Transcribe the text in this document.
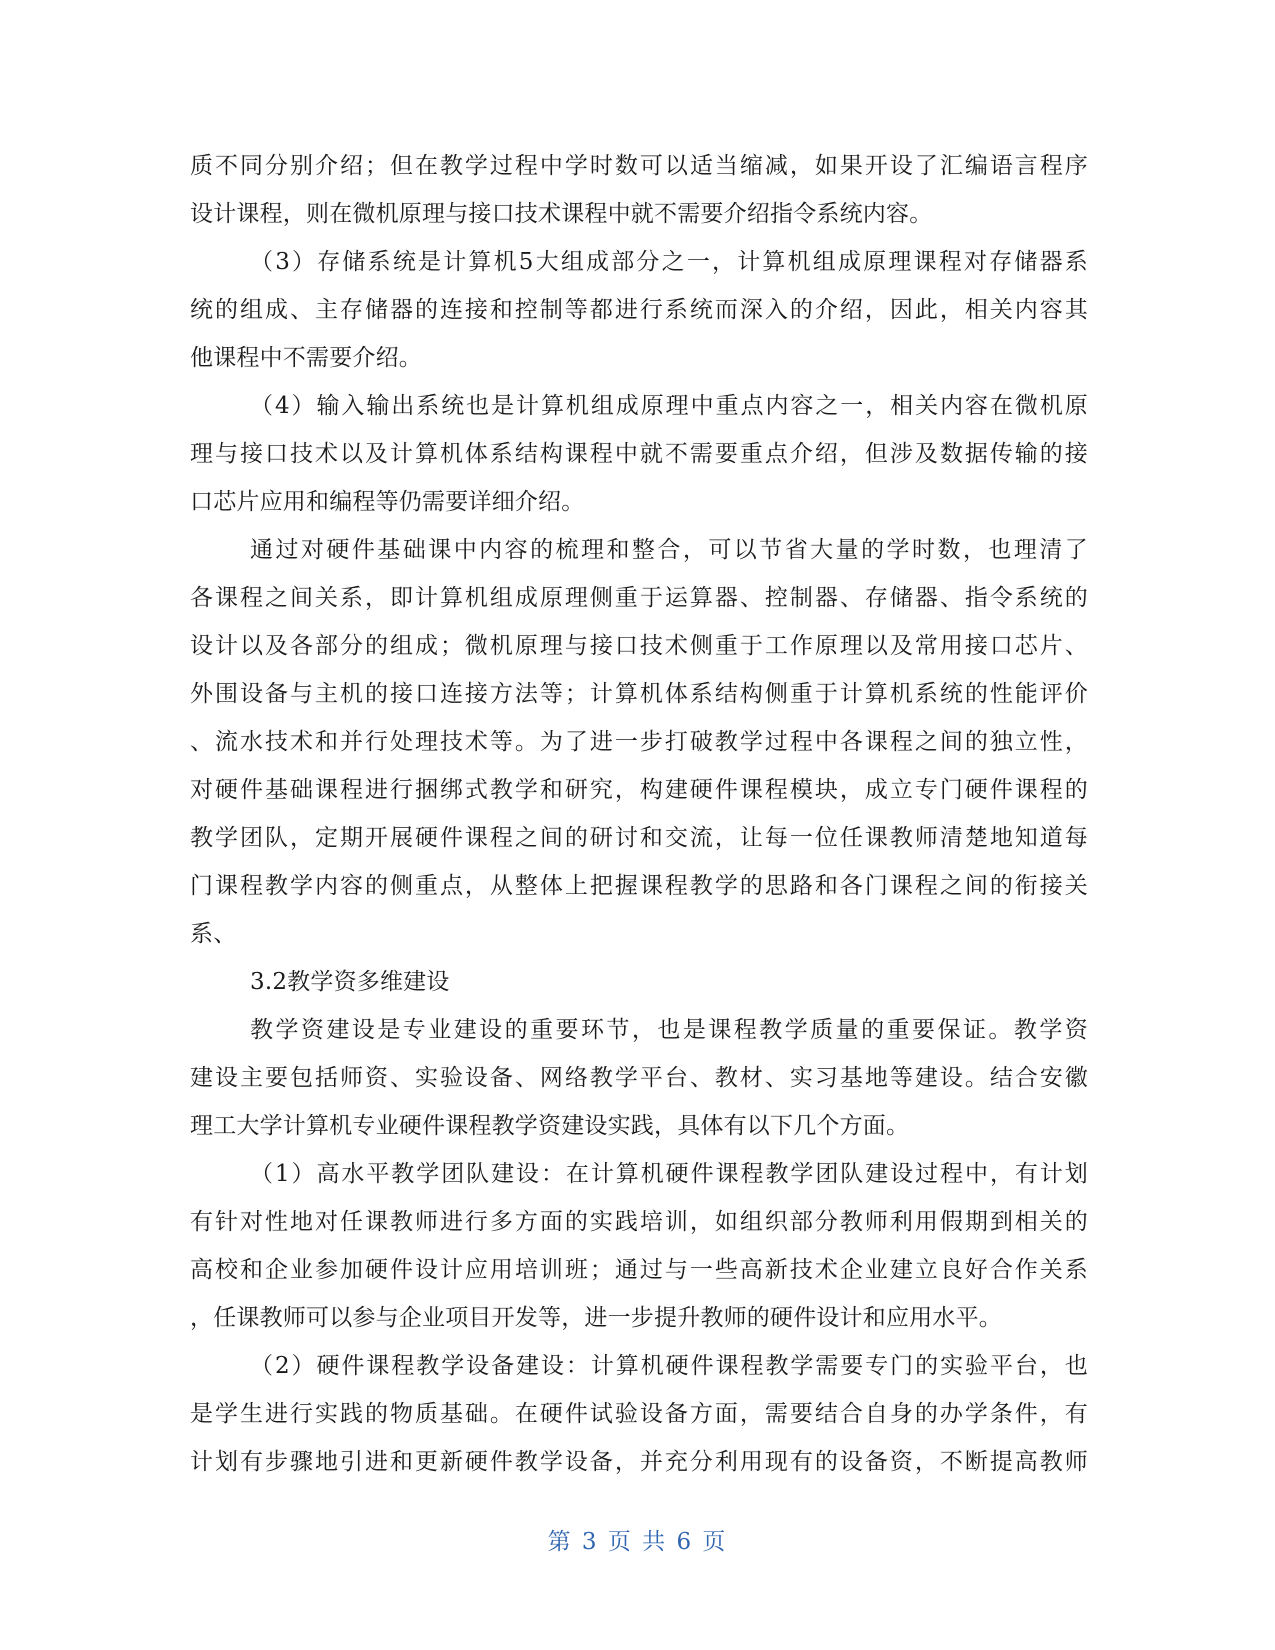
质不同分别介绍；但在教学过程中学时数可以适当缩减，如果开设了汇编语言程序
设计课程，则在微机原理与接口技术课程中就不需要介绍指令系统内容。
（3）存储系统是计算机5大组成部分之一，计算机组成原理课程对存储器系
统的组成、主存储器的连接和控制等都进行系统而深入的介绍，因此，相关内容其
他课程中不需要介绍。
（4）输入输出系统也是计算机组成原理中重点内容之一，相关内容在微机原
理与接口技术以及计算机体系结构课程中就不需要重点介绍，但涉及数据传输的接
口芯片应用和编程等仍需要详细介绍。
通过对硬件基础课中内容的梳理和整合，可以节省大量的学时数，也理清了
各课程之间关系，即计算机组成原理侧重于运算器、控制器、存储器、指令系统的
设计以及各部分的组成；微机原理与接口技术侧重于工作原理以及常用接口芯片、
外围设备与主机的接口连接方法等；计算机体系结构侧重于计算机系统的性能评价
、流水技术和并行处理技术等。为了进一步打破教学过程中各课程之间的独立性，
对硬件基础课程进行捆绑式教学和研究，构建硬件课程模块，成立专门硬件课程的
教学团队，定期开展硬件课程之间的研讨和交流，让每一位任课教师清楚地知道每
门课程教学内容的侧重点，从整体上把握课程教学的思路和各门课程之间的衔接关
系、
3.2教学资多维建设
教学资建设是专业建设的重要环节，也是课程教学质量的重要保证。教学资
建设主要包括师资、实验设备、网络教学平台、教材、实习基地等建设。结合安徽
理工大学计算机专业硬件课程教学资建设实践，具体有以下几个方面。
（1）高水平教学团队建设：在计算机硬件课程教学团队建设过程中，有计划
有针对性地对任课教师进行多方面的实践培训，如组织部分教师利用假期到相关的
高校和企业参加硬件设计应用培训班；通过与一些高新技术企业建立良好合作关系
，任课教师可以参与企业项目开发等，进一步提升教师的硬件设计和应用水平。
（2）硬件课程教学设备建设：计算机硬件课程教学需要专门的实验平台，也
是学生进行实践的物质基础。在硬件试验设备方面，需要结合自身的办学条件，有
计划有步骤地引进和更新硬件教学设备，并充分利用现有的设备资，不断提高教师
第 3 页 共 6 页
